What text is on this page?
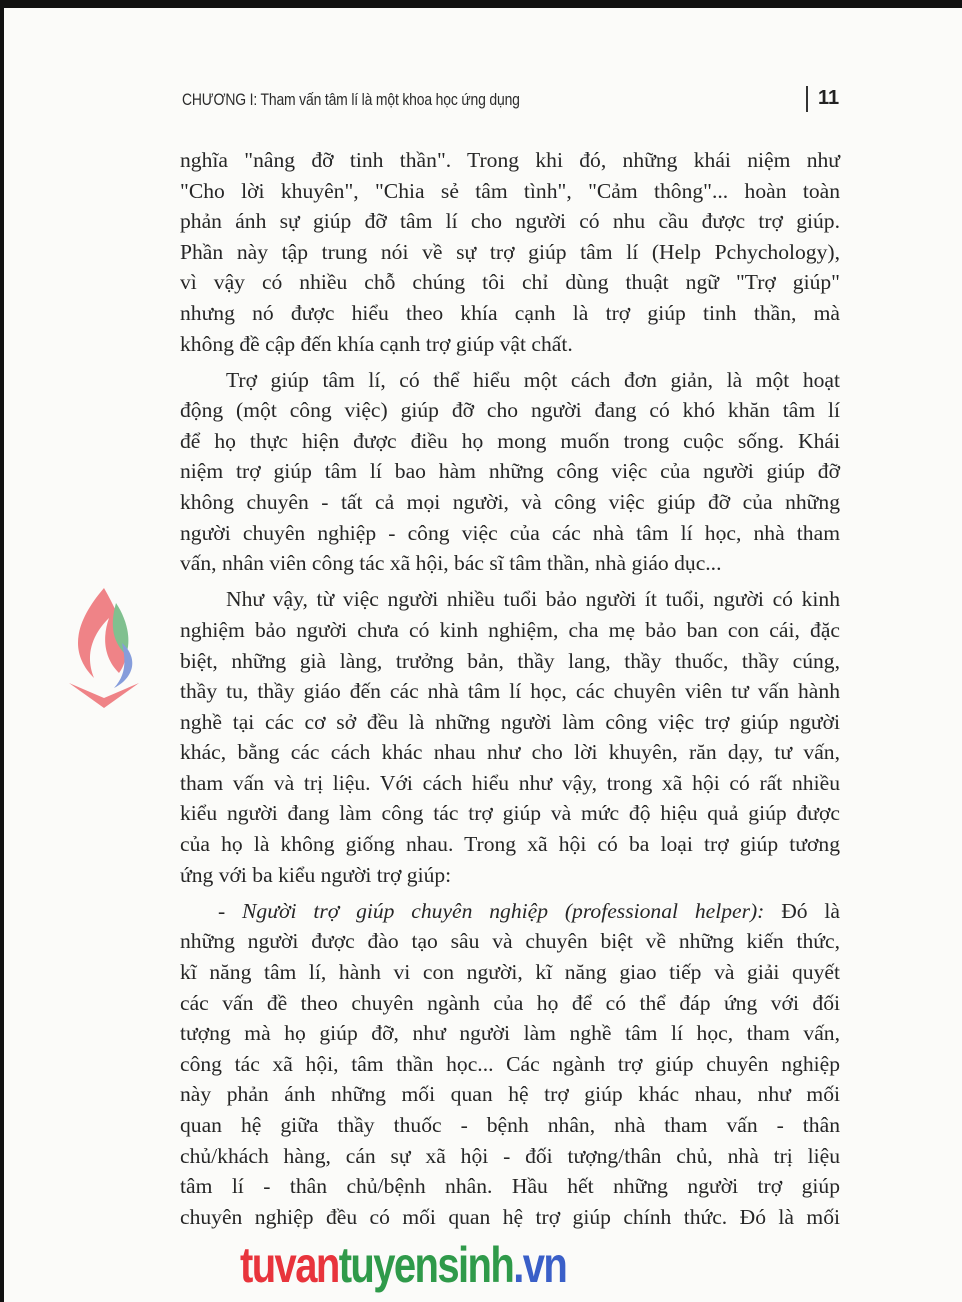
CHƯƠNG I: Tham vấn tâm lí là một khoa học ứng dụng	11
nghĩa "nâng đỡ tinh thần". Trong khi đó, những khái niệm như
"Cho lời khuyên", "Chia sẻ tâm tình", "Cảm thông"... hoàn toàn
phản ánh sự giúp đỡ tâm lí cho người có nhu cầu được trợ giúp.
Phần này tập trung nói về sự trợ giúp tâm lí (Help Pchychology),
vì vậy có nhiều chỗ chúng tôi chỉ dùng thuật ngữ "Trợ giúp"
nhưng nó được hiểu theo khía cạnh là trợ giúp tinh thần, mà
không đề cập đến khía cạnh trợ giúp vật chất.
Trợ giúp tâm lí, có thể hiểu một cách đơn giản, là một hoạt
động (một công việc) giúp đỡ cho người đang có khó khăn tâm lí
để họ thực hiện được điều họ mong muốn trong cuộc sống. Khái
niệm trợ giúp tâm lí bao hàm những công việc của người giúp đỡ
không chuyên - tất cả mọi người, và công việc giúp đỡ của những
người chuyên nghiệp - công việc của các nhà tâm lí học, nhà tham
vấn, nhân viên công tác xã hội, bác sĩ tâm thần, nhà giáo dục...
Như vậy, từ việc người nhiều tuổi bảo người ít tuổi, người có kinh
nghiệm bảo người chưa có kinh nghiệm, cha mẹ bảo ban con cái, đặc
biệt, những già làng, trưởng bản, thầy lang, thầy thuốc, thầy cúng,
thầy tu, thầy giáo đến các nhà tâm lí học, các chuyên viên tư vấn hành
nghề tại các cơ sở đều là những người làm công việc trợ giúp người
khác, bằng các cách khác nhau như cho lời khuyên, răn dạy, tư vấn,
tham vấn và trị liệu. Với cách hiểu như vậy, trong xã hội có rất nhiều
kiểu người đang làm công tác trợ giúp và mức độ hiệu quả giúp được
của họ là không giống nhau. Trong xã hội có ba loại trợ giúp tương
ứng với ba kiểu người trợ giúp:
- Người trợ giúp chuyên nghiệp (professional helper): Đó là
những người được đào tạo sâu và chuyên biệt về những kiến thức,
kĩ năng tâm lí, hành vi con người, kĩ năng giao tiếp và giải quyết
các vấn đề theo chuyên ngành của họ để có thể đáp ứng với đối
tượng mà họ giúp đỡ, như người làm nghề tâm lí học, tham vấn,
công tác xã hội, tâm thần học... Các ngành trợ giúp chuyên nghiệp
này phản ánh những mối quan hệ trợ giúp khác nhau, như mối
quan hệ giữa thầy thuốc - bệnh nhân, nhà tham vấn - thân
chủ/khách hàng, cán sự xã hội - đối tượng/thân chủ, nhà trị liệu
tâm lí - thân chủ/bệnh nhân. Hầu hết những người trợ giúp
chuyên nghiệp đều có mối quan hệ trợ giúp chính thức. Đó là mối
tuvantuyensinh.vn
